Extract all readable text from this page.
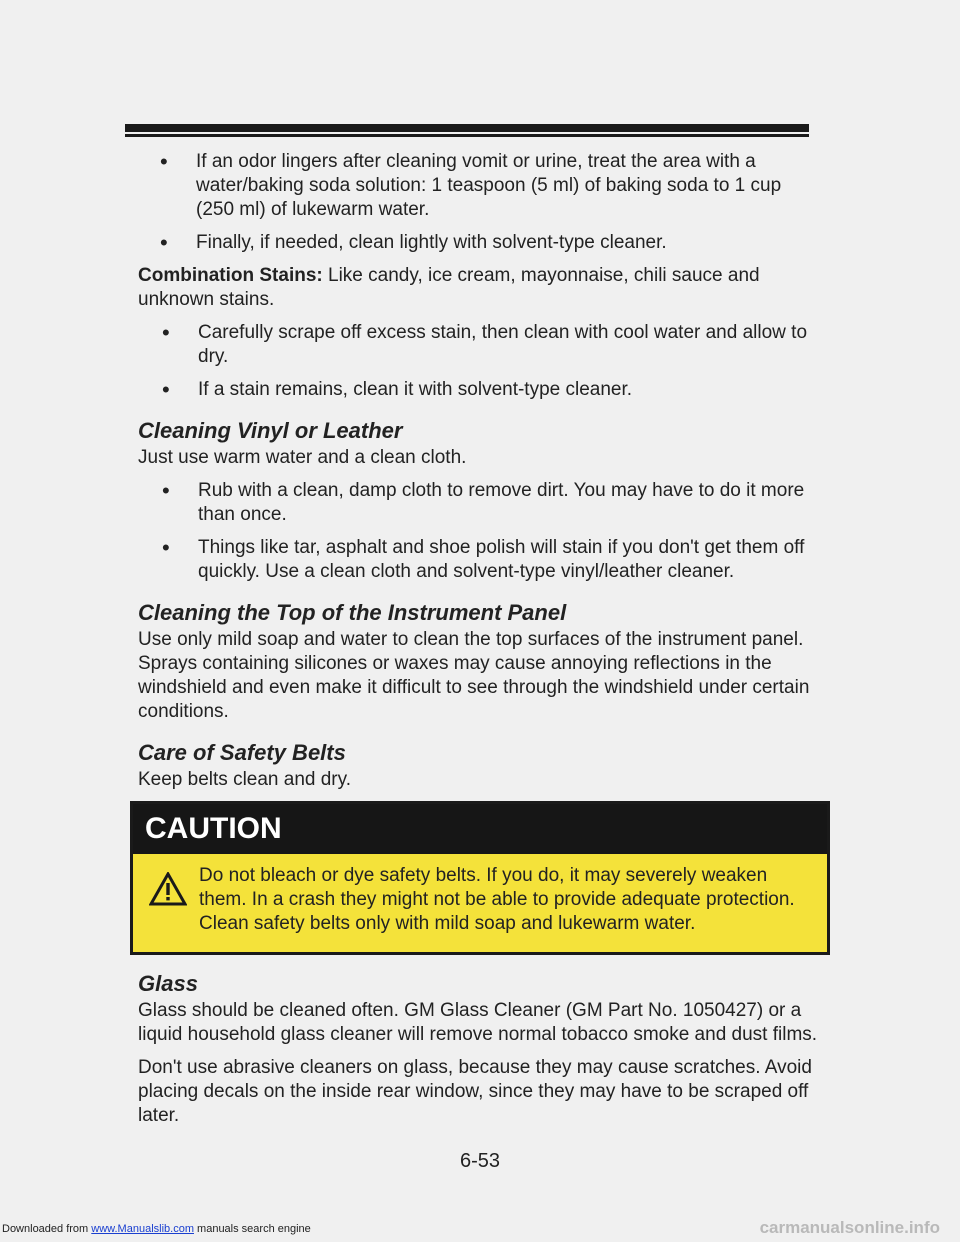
• If an odor lingers after cleaning vomit or urine, treat the area with a water/baking soda solution: 1 teaspoon (5 ml) of baking soda to 1 cup (250 ml) of lukewarm water.
• Finally, if needed, clean lightly with solvent-type cleaner.

Combination Stains: Like candy, ice cream, mayonnaise, chili sauce and unknown stains.

• Carefully scrape off excess stain, then clean with cool water and allow to dry.
• If a stain remains, clean it with solvent-type cleaner.
Cleaning Vinyl or Leather

Just use warm water and a clean cloth.

• Rub with a clean, damp cloth to remove dirt. You may have to do it more than once.
• Things like tar, asphalt and shoe polish will stain if you don't get them off quickly. Use a clean cloth and solvent-type vinyl/leather cleaner.
Cleaning the Top of the Instrument Panel

Use only mild soap and water to clean the top surfaces of the instrument panel. Sprays containing silicones or waxes may cause annoying reflections in the windshield and even make it difficult to see through the windshield under certain conditions.

Care of Safety Belts

Keep belts clean and dry.

CAUTION
Do not bleach or dye safety belts. If you do, it may severely weaken them. In a crash they might not be able to provide adequate protection. Clean safety belts only with mild soap and lukewarm water.
Glass

Glass should be cleaned often. GM Glass Cleaner (GM Part No. 1050427) or a liquid household glass cleaner will remove normal tobacco smoke and dust films.

Don't use abrasive cleaners on glass, because they may cause scratches. Avoid placing decals on the inside rear window, since they may have to be scraped off later.

6-53
Downloaded from www.Manualslib.com manuals search engine	carmanualsonline.info
